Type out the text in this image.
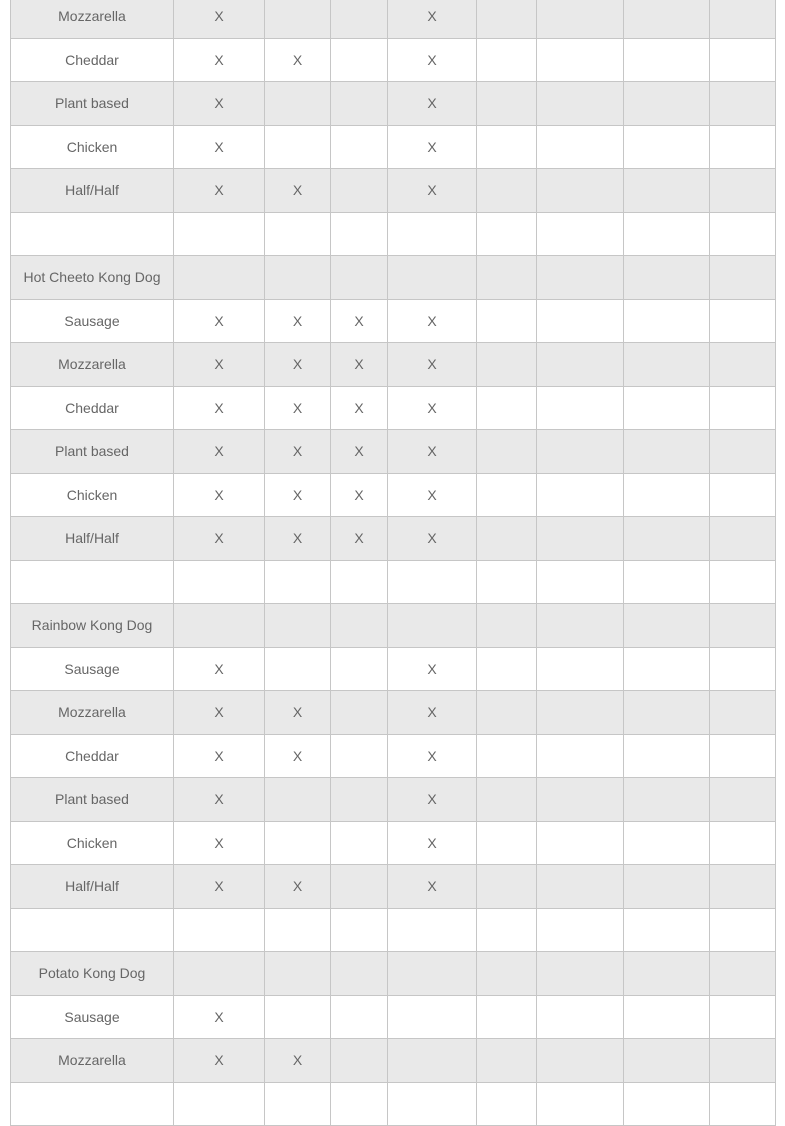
Mozzarella	X			X				
Cheddar	X	X		X				
Plant based	X			X				
Chicken	X			X				
Half/Half	X	X		X				

Hot Cheeto Kong Dog								
Sausage	X	X	X	X				
Mozzarella	X	X	X	X				
Cheddar	X	X	X	X				
Plant based	X	X	X	X				
Chicken	X	X	X	X				
Half/Half	X	X	X	X				

Rainbow Kong Dog								
Sausage	X			X				
Mozzarella	X	X		X				
Cheddar	X	X		X				
Plant based	X			X				
Chicken	X			X				
Half/Half	X	X		X				

Potato Kong Dog								
Sausage	X							
Mozzarella	X	X						
